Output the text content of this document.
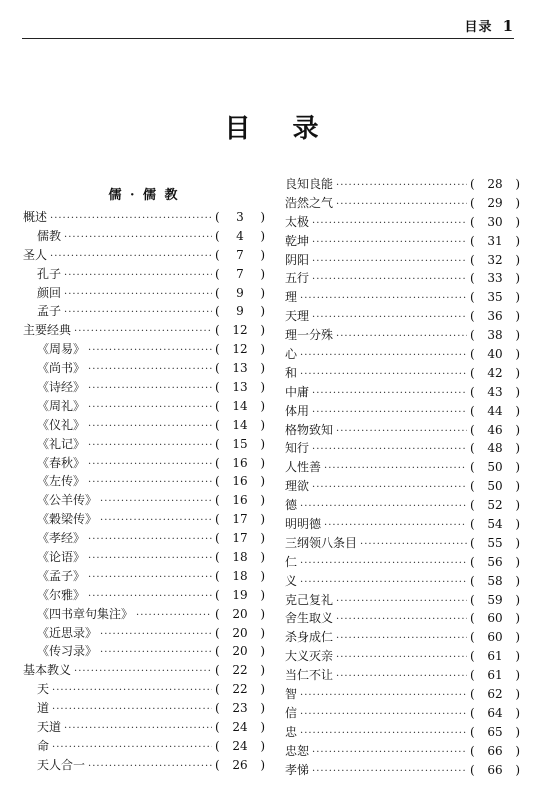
目录 1
目 录
儒 · 儒 教
概述 ·····	(	3	)
儒教 ·····	(	4	)
圣人 ·····	(	7	)
孔子 ·····	(	7	)
颜回 ·····	(	9	)
孟子 ·····	(	9	)
主要经典 ·····	(	12	)
《周易》 ·····	(	12	)
《尚书》 ·····	(	13	)
《诗经》 ·····	(	13	)
《周礼》 ·····	(	14	)
《仪礼》 ·····	(	14	)
《礼记》 ·····	(	15	)
《春秋》 ·····	(	16	)
《左传》 ·····	(	16	)
《公羊传》 ·····	(	16	)
《穀梁传》 ·····	(	17	)
《孝经》 ·····	(	17	)
《论语》 ·····	(	18	)
《孟子》 ·····	(	18	)
《尔雅》 ·····	(	19	)
《四书章句集注》 ·····	(	20	)
《近思录》 ·····	(	20	)
《传习录》 ·····	(	20	)
基本教义 ·····	(	22	)
天 ·····	(	22	)
道 ·····	(	23	)
天道 ·····	(	24	)
命 ·····	(	24	)
天人合一 ·····	(	26	)
良知良能 ·····	(	28	)
浩然之气 ·····	(	29	)
太极 ·····	(	30	)
乾坤 ·····	(	31	)
阴阳 ·····	(	32	)
五行 ·····	(	33	)
理 ·····	(	35	)
天理 ·····	(	36	)
理一分殊 ·····	(	38	)
心 ·····	(	40	)
和 ·····	(	42	)
中庸 ·····	(	43	)
体用 ·····	(	44	)
格物致知 ·····	(	46	)
知行 ·····	(	48	)
人性善 ·····	(	50	)
理欲 ·····	(	50	)
德 ·····	(	52	)
明明德 ·····	(	54	)
三纲领八条目 ·····	(	55	)
仁 ·····	(	56	)
义 ·····	(	58	)
克己复礼 ·····	(	59	)
舍生取义 ·····	(	60	)
杀身成仁 ·····	(	60	)
大义灭亲 ·····	(	61	)
当仁不让 ·····	(	61	)
智 ·····	(	62	)
信 ·····	(	64	)
忠 ·····	(	65	)
忠恕 ·····	(	66	)
孝悌 ·····	(	66	)
